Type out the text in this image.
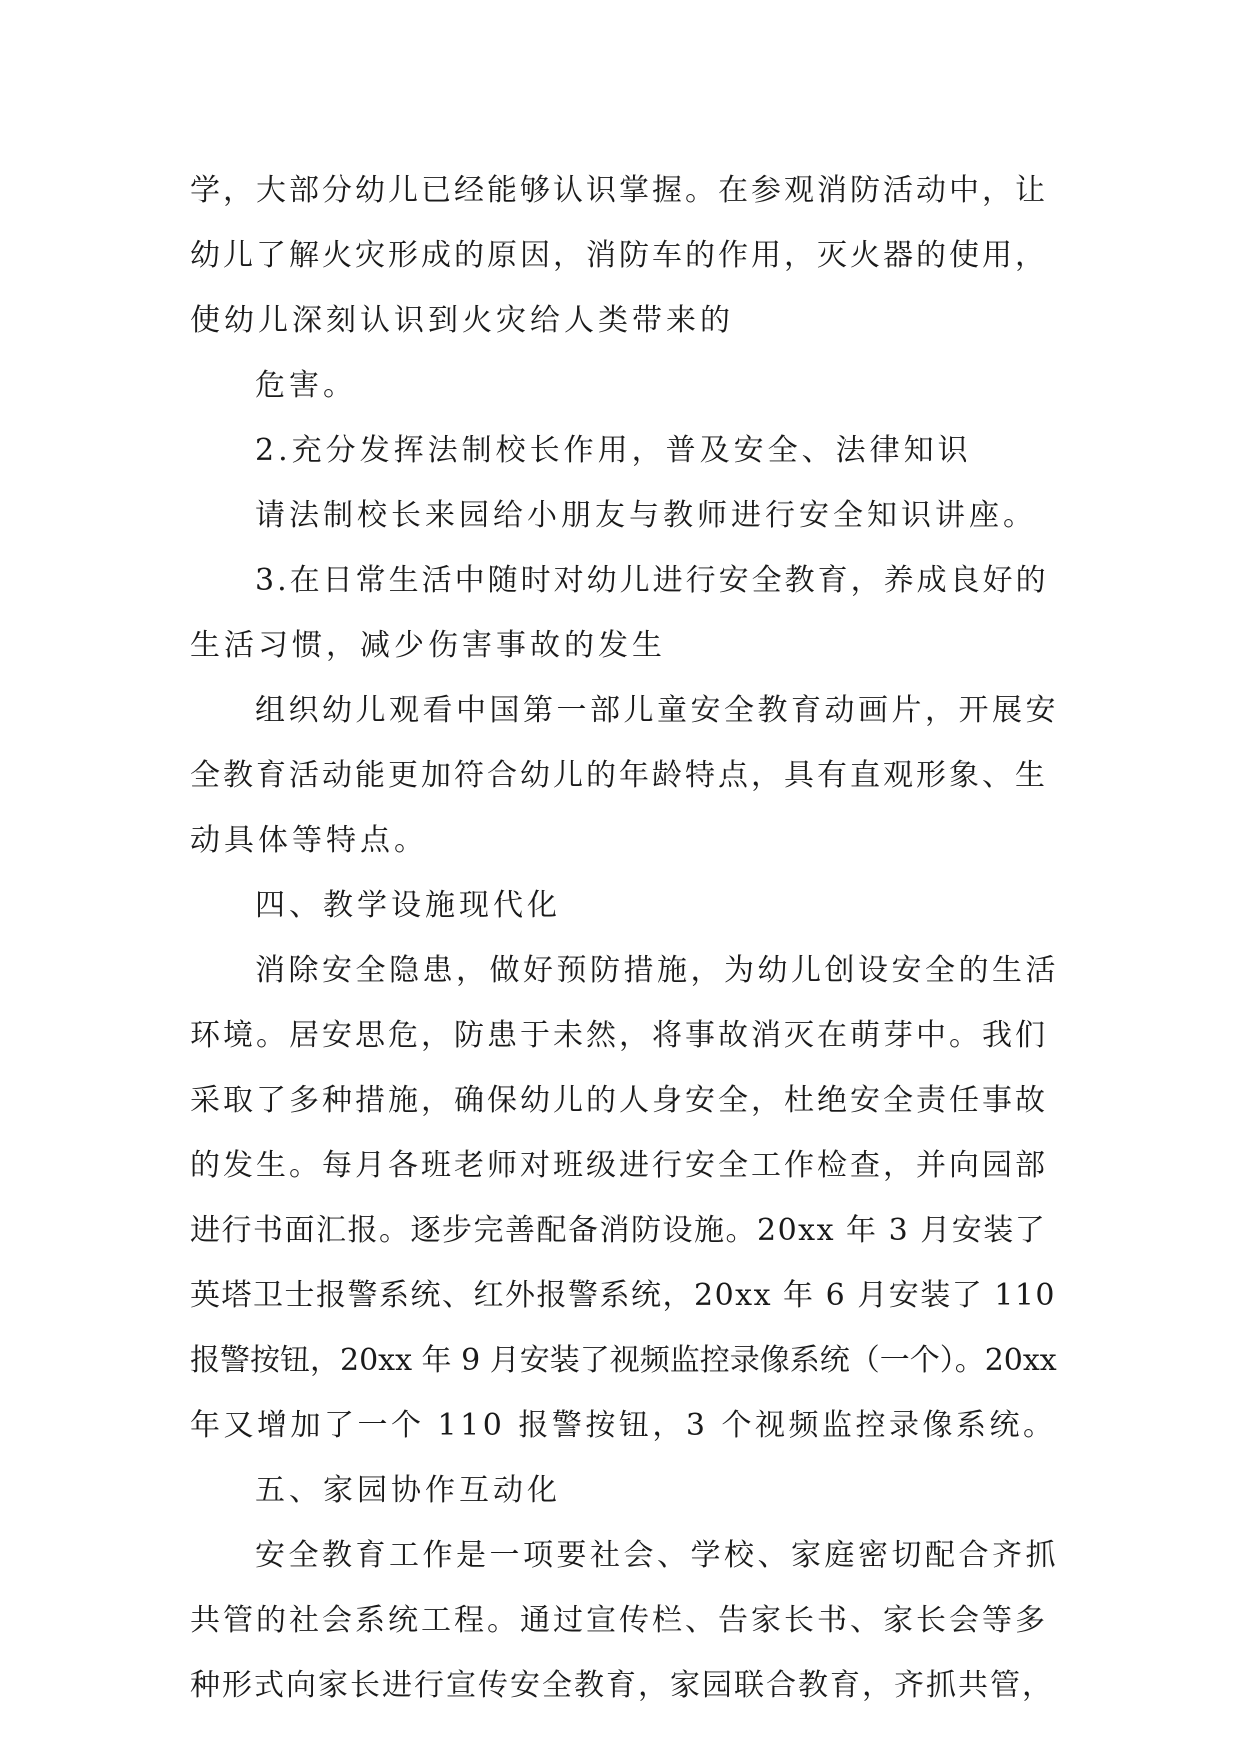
学，大部分幼儿已经能够认识掌握。在参观消防活动中，让
幼儿了解火灾形成的原因，消防车的作用，灭火器的使用，
使幼儿深刻认识到火灾给人类带来的
危害。
2.充分发挥法制校长作用，普及安全、法律知识
请法制校长来园给小朋友与教师进行安全知识讲座。
3.在日常生活中随时对幼儿进行安全教育，养成良好的
生活习惯，减少伤害事故的发生
组织幼儿观看中国第一部儿童安全教育动画片，开展安
全教育活动能更加符合幼儿的年龄特点，具有直观形象、生
动具体等特点。
四、教学设施现代化
消除安全隐患，做好预防措施，为幼儿创设安全的生活
环境。居安思危，防患于未然，将事故消灭在萌芽中。我们
采取了多种措施，确保幼儿的人身安全，杜绝安全责任事故
的发生。每月各班老师对班级进行安全工作检查，并向园部
进行书面汇报。逐步完善配备消防设施。20xx 年 3 月安装了
英塔卫士报警系统、红外报警系统，20xx 年 6 月安装了 110
报警按钮，20xx 年 9 月安装了视频监控录像系统（一个）。20xx
年又增加了一个 110 报警按钮，3 个视频监控录像系统。
五、家园协作互动化
安全教育工作是一项要社会、学校、家庭密切配合齐抓
共管的社会系统工程。通过宣传栏、告家长书、家长会等多
种形式向家长进行宣传安全教育，家园联合教育，齐抓共管，
